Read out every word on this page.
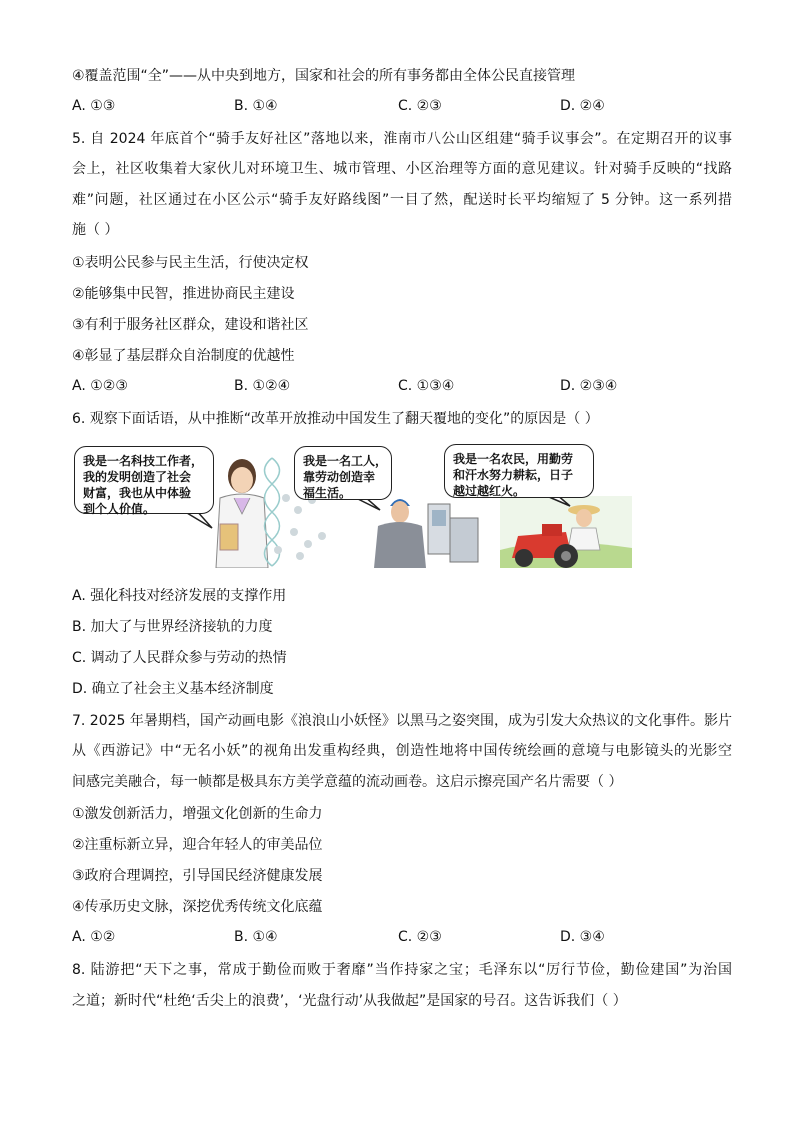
④覆盖范围“全”——从中央到地方，国家和社会的所有事务都由全体公民直接管理
A. ①③	B. ①④	C. ②③	D. ②④
5. 自 2024 年底首个“骑手友好社区”落地以来，淮南市八公山区组建“骑手议事会”。在定期召开的议事
会上，社区收集着大家伙儿对环境卫生、城市管理、小区治理等方面的意见建议。针对骑手反映的“找路
难”问题，社区通过在小区公示“骑手友好路线图”一目了然，配送时长平均缩短了 5 分钟。这一系列措
施（ ）
①表明公民参与民主生活，行使决定权
②能够集中民智，推进协商民主建设
③有利于服务社区群众，建设和谐社区
④彰显了基层群众自治制度的优越性
A. ①②③	B. ①②④	C. ①③④	D. ②③④
6. 观察下面话语，从中推断“改革开放推动中国发生了翻天覆地的变化”的原因是（ ）
我是一名科技工作者，
我的发明创造了社会
财富，我也从中体验
到个人价值。
我是一名工人，
靠劳动创造幸
福生活。
我是一名农民，用勤劳
和汗水努力耕耘，日子
越过越红火。
A. 强化科技对经济发展的支撑作用
B. 加大了与世界经济接轨的力度
C. 调动了人民群众参与劳动的热情
D. 确立了社会主义基本经济制度
7. 2025 年暑期档，国产动画电影《浪浪山小妖怪》以黑马之姿突围，成为引发大众热议的文化事件。影片
从《西游记》中“无名小妖”的视角出发重构经典，创造性地将中国传统绘画的意境与电影镜头的光影空
间感完美融合，每一帧都是极具东方美学意蕴的流动画卷。这启示擦亮国产名片需要（ ）
①激发创新活力，增强文化创新的生命力
②注重标新立异，迎合年轻人的审美品位
③政府合理调控，引导国民经济健康发展
④传承历史文脉，深挖优秀传统文化底蕴
A. ①②	B. ①④	C. ②③	D. ③④
8. 陆游把“天下之事，常成于勤俭而败于奢靡”当作持家之宝；毛泽东以“厉行节俭，勤俭建国”为治国
之道；新时代“杜绝‘舌尖上的浪费’，‘光盘行动’从我做起”是国家的号召。这告诉我们（ ）
